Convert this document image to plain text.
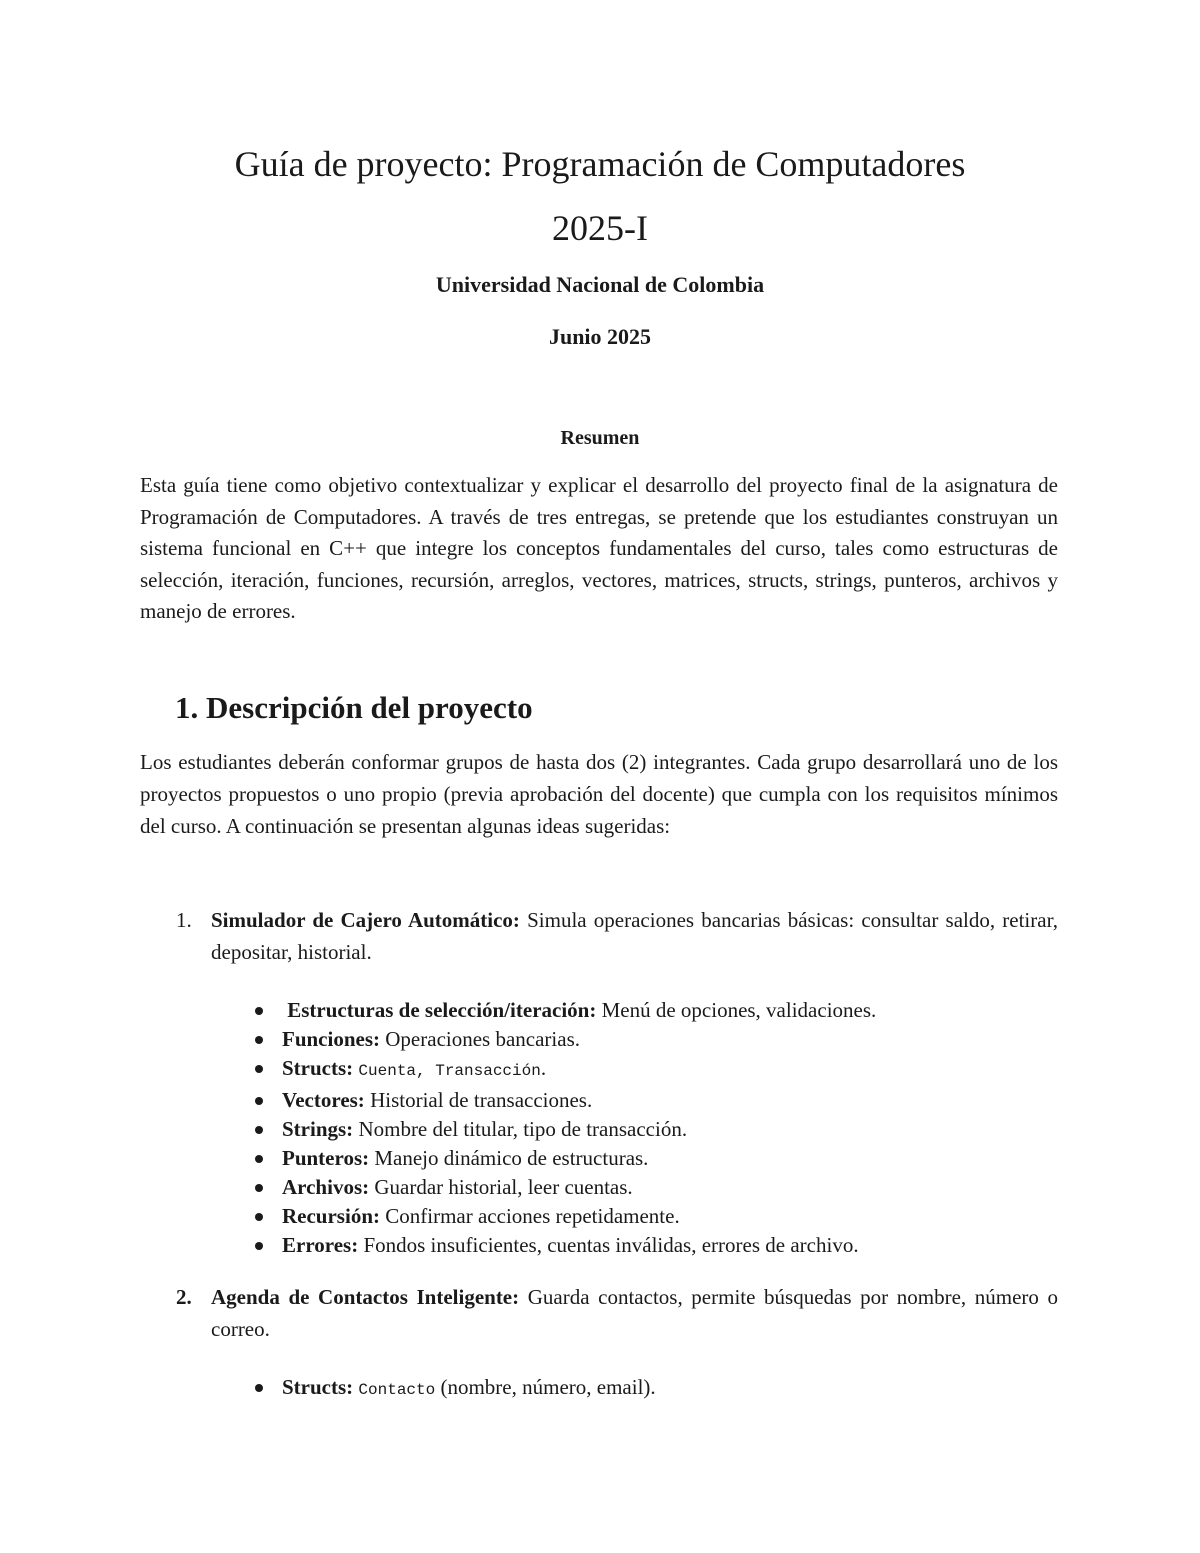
Guía de proyecto: Programación de Computadores
2025-I
Universidad Nacional de Colombia
Junio 2025
Resumen

Esta guía tiene como objetivo contextualizar y explicar el desarrollo del proyecto final de la asignatura de Programación de Computadores. A través de tres entregas, se pretende que los estudiantes construyan un sistema funcional en C++ que integre los conceptos fundamentales del curso, tales como estructuras de selección, iteración, funciones, recursión, arreglos, vectores, matrices, structs, strings, punteros, archivos y manejo de errores.

1. Descripción del proyecto

Los estudiantes deberán conformar grupos de hasta dos (2) integrantes. Cada grupo desarrollará uno de los proyectos propuestos o uno propio (previa aprobación del docente) que cumpla con los requisitos mínimos del curso. A continuación se presentan algunas ideas sugeridas:

1. Simulador de Cajero Automático: Simula operaciones bancarias básicas: consultar saldo, retirar, depositar, historial.
Estructuras de selección/iteración: Menú de opciones, validaciones.
Funciones: Operaciones bancarias.
Structs: Cuenta, Transacción.
Vectores: Historial de transacciones.
Strings: Nombre del titular, tipo de transacción.
Punteros: Manejo dinámico de estructuras.
Archivos: Guardar historial, leer cuentas.
Recursión: Confirmar acciones repetidamente.
Errores: Fondos insuficientes, cuentas inválidas, errores de archivo.
2. Agenda de Contactos Inteligente: Guarda contactos, permite búsquedas por nombre, número o correo.
Structs: Contacto (nombre, número, email).
